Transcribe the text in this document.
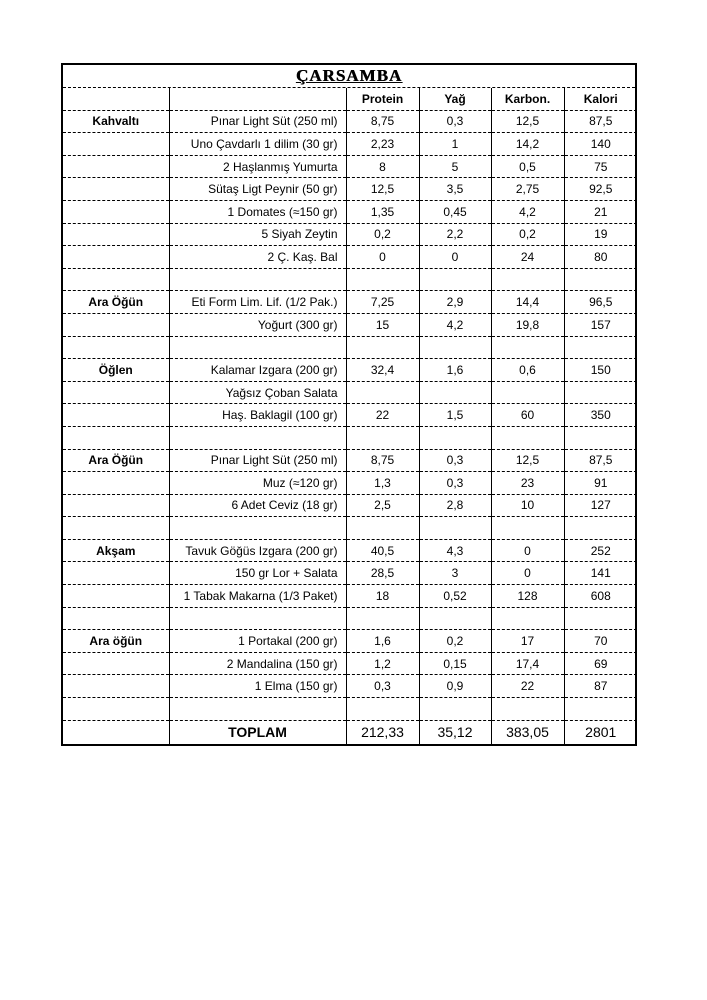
ÇARSAMBA
		Protein	Yağ	Karbon.	Kalori
Kahvaltı	Pınar Light Süt (250 ml)	8,75	0,3	12,5	87,5
	Uno Çavdarlı 1 dilim (30 gr)	2,23	1	14,2	140
	2 Haşlanmış Yumurta	8	5	0,5	75
	Sütaş Ligt Peynir (50 gr)	12,5	3,5	2,75	92,5
	1 Domates (≈150 gr)	1,35	0,45	4,2	21
	5 Siyah Zeytin	0,2	2,2	0,2	19
	2 Ç. Kaş. Bal	0	0	24	80

Ara Öğün	Eti Form Lim. Lif. (1/2 Pak.)	7,25	2,9	14,4	96,5
	Yoğurt (300 gr)	15	4,2	19,8	157

Öğlen	Kalamar Izgara (200 gr)	32,4	1,6	0,6	150
	Yağsız Çoban Salata				
	Haş. Baklagil (100 gr)	22	1,5	60	350

Ara Öğün	Pınar Light Süt (250 ml)	8,75	0,3	12,5	87,5
	Muz (≈120 gr)	1,3	0,3	23	91
	6 Adet Ceviz (18 gr)	2,5	2,8	10	127

Akşam	Tavuk Göğüs Izgara (200 gr)	40,5	4,3	0	252
	150 gr Lor + Salata	28,5	3	0	141
	1 Tabak Makarna (1/3 Paket)	18	0,52	128	608

Ara öğün	1 Portakal (200 gr)	1,6	0,2	17	70
	2 Mandalina (150 gr)	1,2	0,15	17,4	69
	1 Elma (150 gr)	0,3	0,9	22	87

	TOPLAM	212,33	35,12	383,05	2801
